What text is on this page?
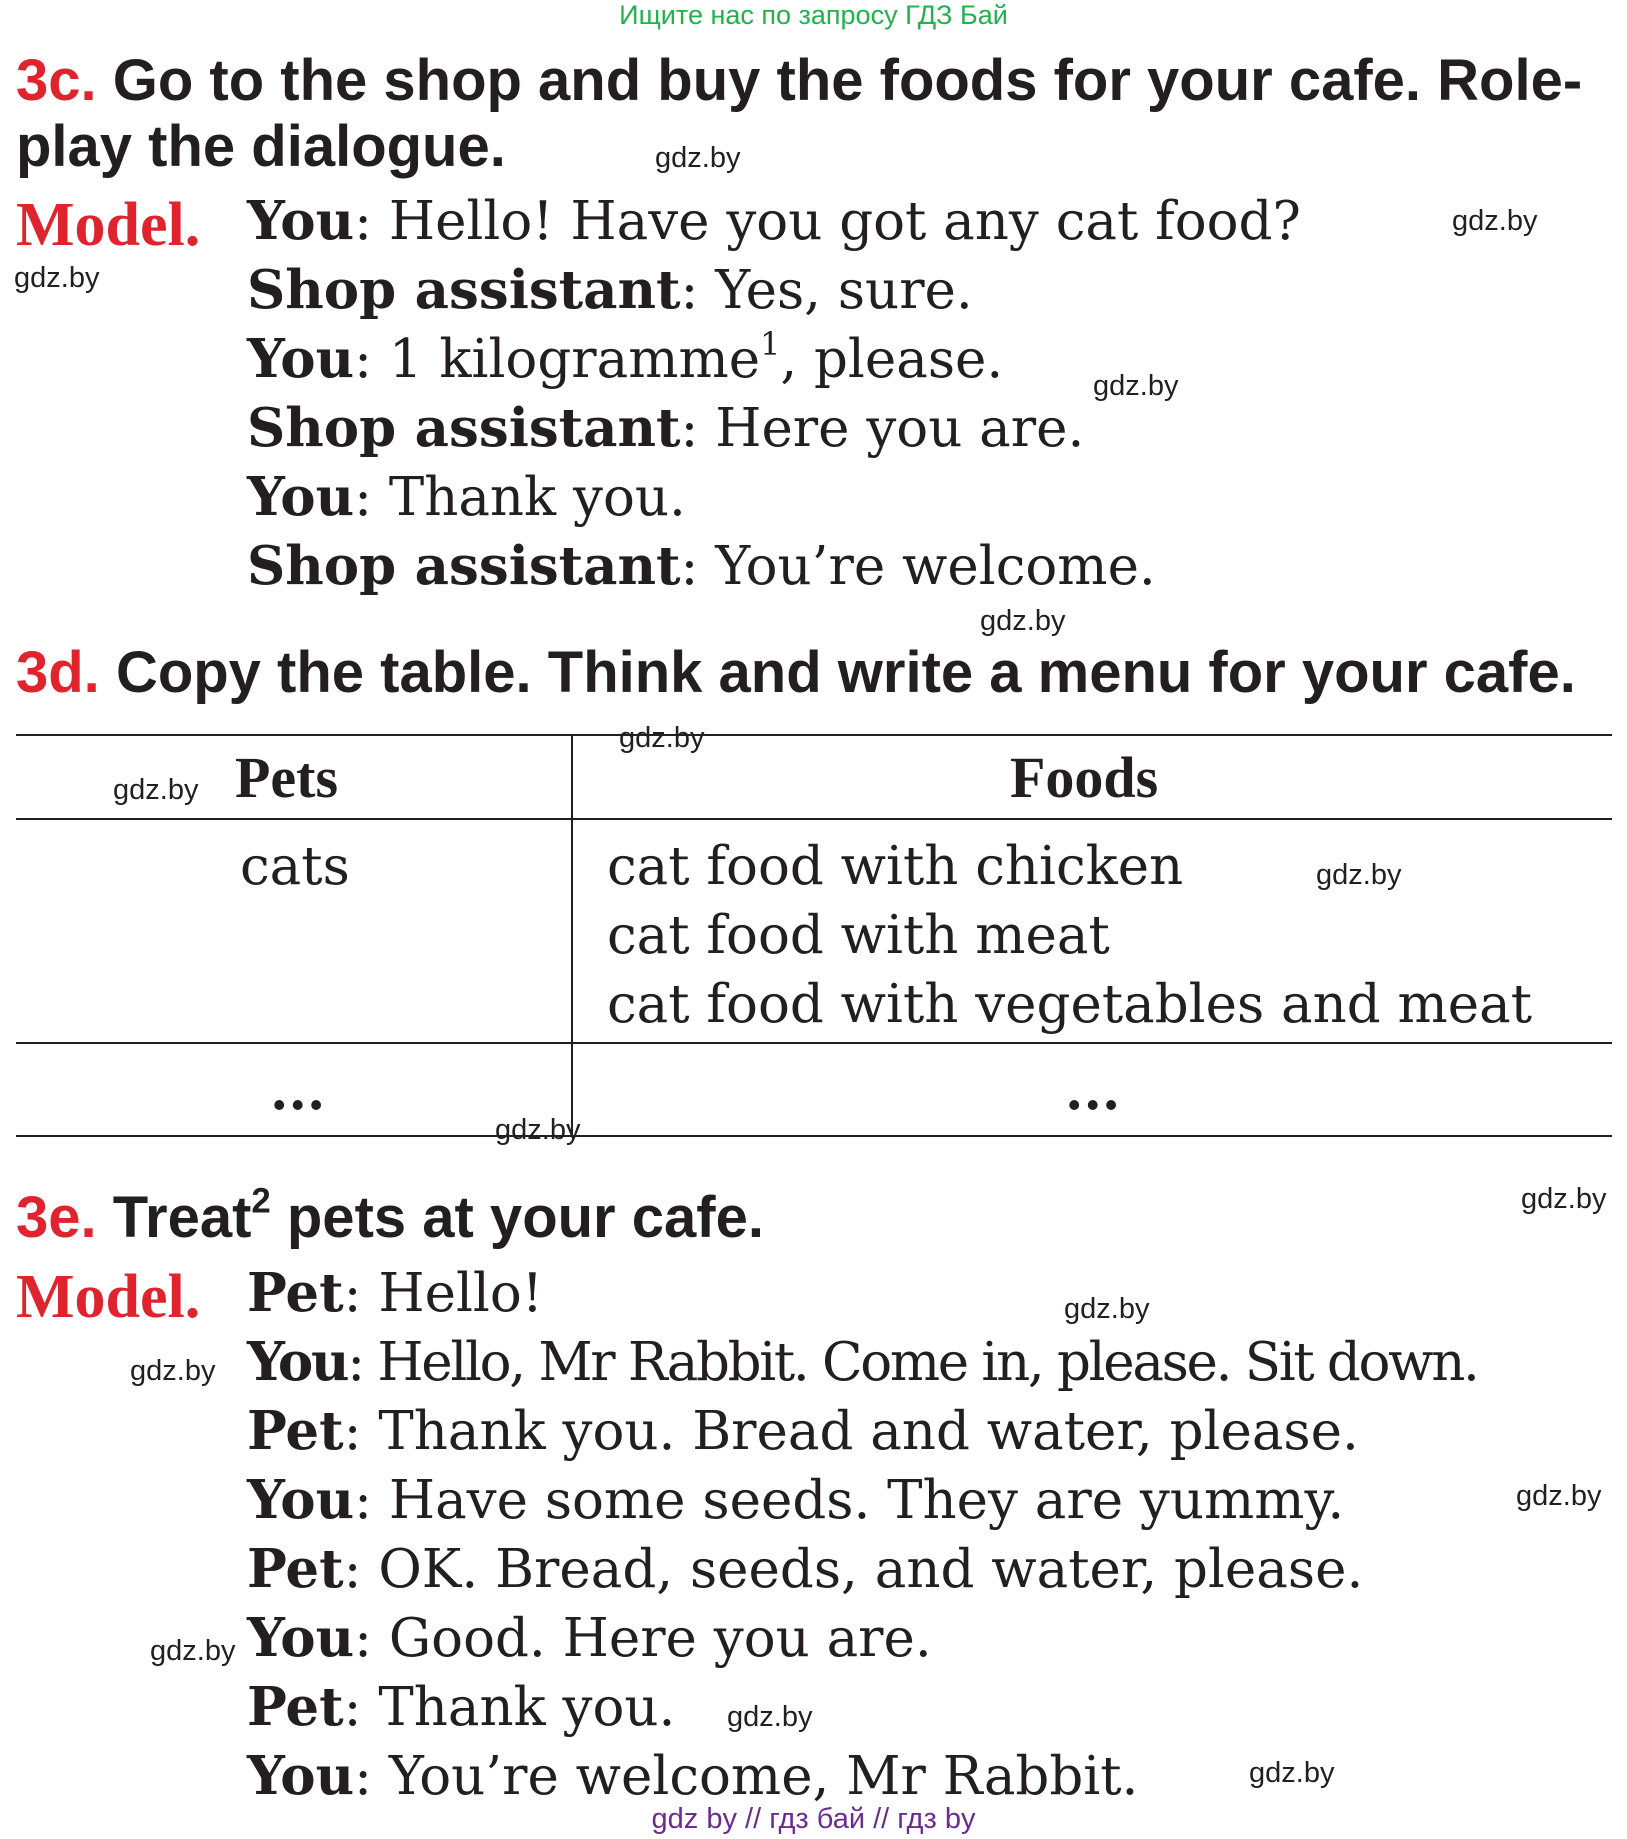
Ищите нас по запросу ГДЗ Бай
3c. Go to the shop and buy the foods for your cafe. Role-
play the dialogue.
Model. You: Hello! Have you got any cat food?
Shop assistant: Yes, sure.
You: 1 kilogramme$^1$, please.
Shop assistant: Here you are.
You: Thank you.
Shop assistant: You’re welcome.
3d. Copy the table. Think and write a menu for your cafe.
Pets	Foods
cats	cat food with chicken
cat food with meat
cat food with vegetables and meat
...	...
3e. Treat$^2$ pets at your cafe.
Model. Pet: Hello!
You: Hello, Mr Rabbit. Come in, please. Sit down.
Pet: Thank you. Bread and water, please.
You: Have some seeds. They are yummy.
Pet: OK. Bread, seeds, and water, please.
You: Good. Here you are.
Pet: Thank you.
You: You’re welcome, Mr Rabbit.
gdz.by
gdz.by
gdz.by
gdz.by
gdz.by
gdz.by
gdz.by
gdz.by
gdz.by
gdz.by
gdz.by
gdz.by
gdz.by
gdz.by
gdz.by
gdz.by
gdz by // гдз бай // гдз by
